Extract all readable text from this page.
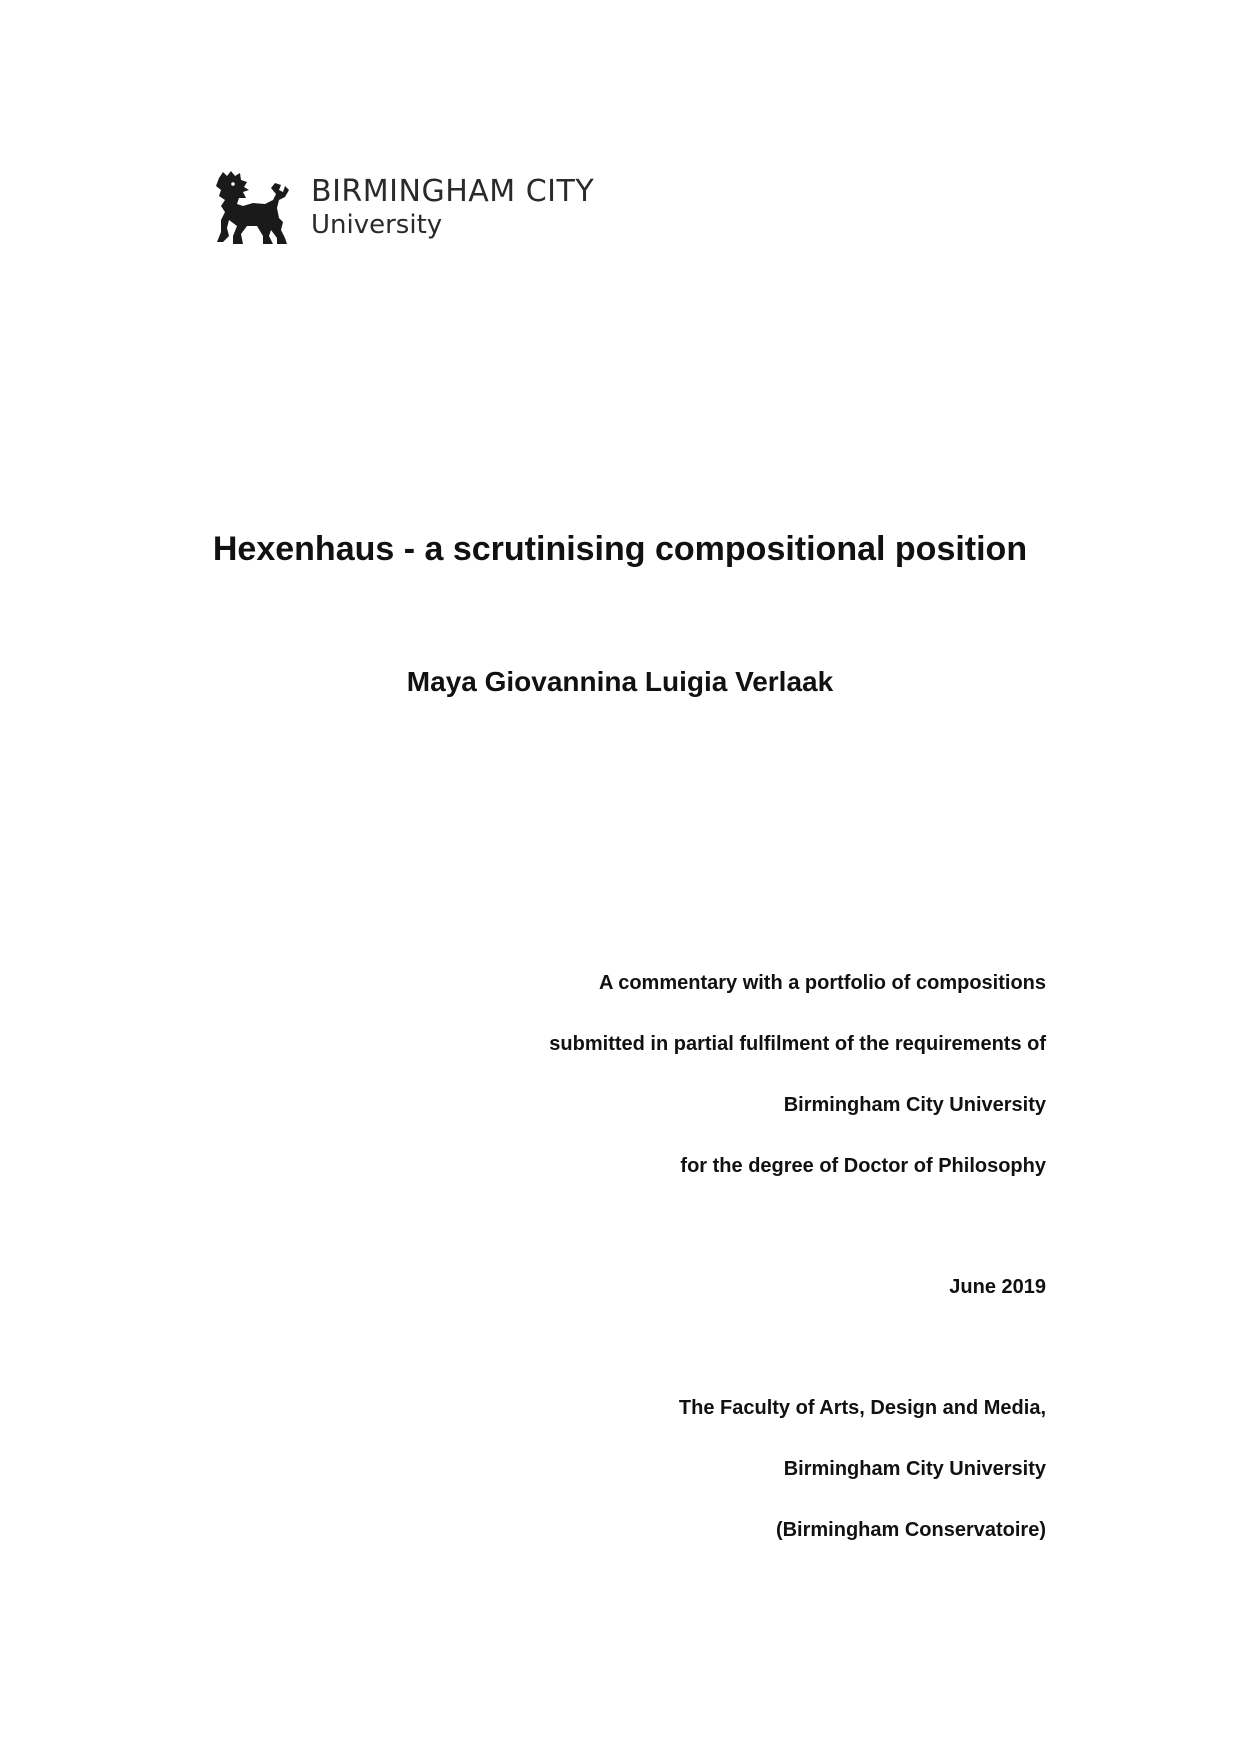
BIRMINGHAM CITY
University
Hexenhaus - a scrutinising compositional position
Maya Giovannina Luigia Verlaak
A commentary with a portfolio of compositions
submitted in partial fulfilment of the requirements of
Birmingham City University
for the degree of Doctor of Philosophy
June 2019
The Faculty of Arts, Design and Media,
Birmingham City University
(Birmingham Conservatoire)
